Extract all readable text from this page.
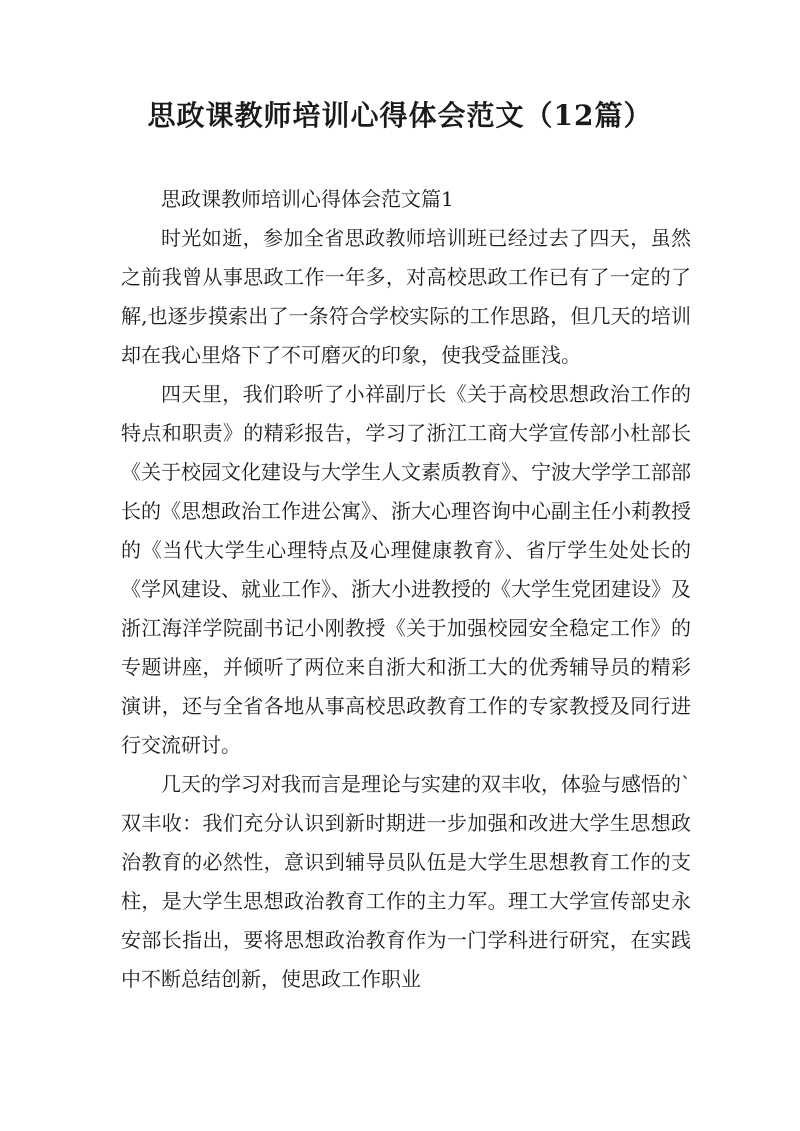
思政课教师培训心得体会范文（12篇）

思政课教师培训心得体会范文篇1

时光如逝，参加全省思政教师培训班已经过去了四天，虽然之前我曾从事思政工作一年多，对高校思政工作已有了一定的了解,也逐步摸索出了一条符合学校实际的工作思路，但几天的培训却在我心里烙下了不可磨灭的印象，使我受益匪浅。

四天里，我们聆听了小祥副厅长《关于高校思想政治工作的特点和职责》的精彩报告，学习了浙江工商大学宣传部小杜部长《关于校园文化建设与大学生人文素质教育》、宁波大学学工部部长的《思想政治工作进公寓》、浙大心理咨询中心副主任小莉教授的《当代大学生心理特点及心理健康教育》、省厅学生处处长的《学风建设、就业工作》、浙大小进教授的《大学生党团建设》及浙江海洋学院副书记小刚教授《关于加强校园安全稳定工作》的专题讲座，并倾听了两位来自浙大和浙工大的优秀辅导员的精彩演讲，还与全省各地从事高校思政教育工作的专家教授及同行进行交流研讨。

几天的学习对我而言是理论与实建的双丰收，体验与感悟的`双丰收：我们充分认识到新时期进一步加强和改进大学生思想政治教育的必然性，意识到辅导员队伍是大学生思想教育工作的支柱，是大学生思想政治教育工作的主力军。理工大学宣传部史永安部长指出，要将思想政治教育作为一门学科进行研究，在实践中不断总结创新，使思政工作职业
